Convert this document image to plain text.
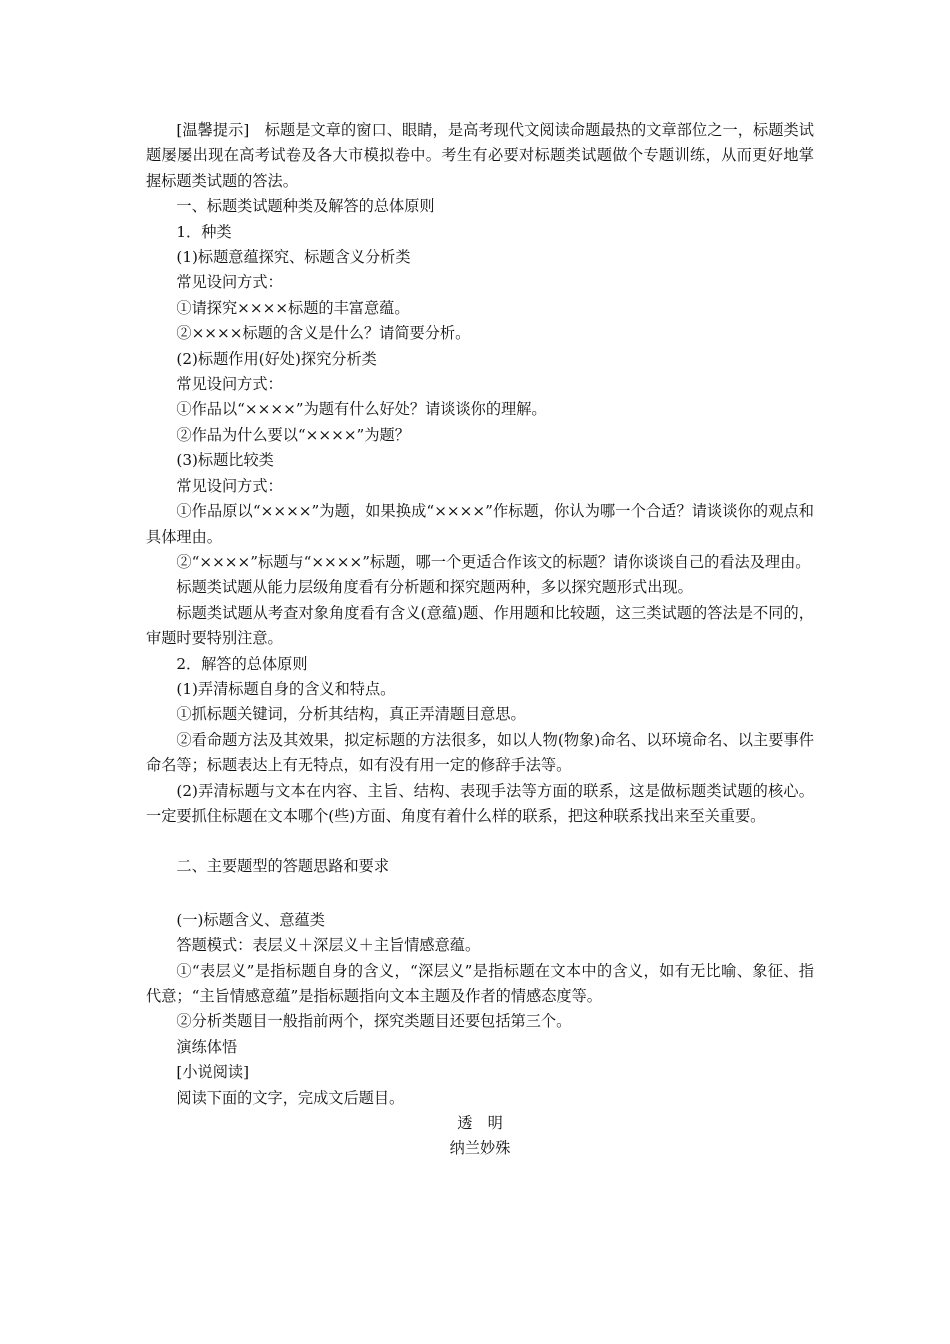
[温馨提示]　标题是文章的窗口、眼睛，是高考现代文阅读命题最热的文章部位之一，标题类试题屡屡出现在高考试卷及各大市模拟卷中。考生有必要对标题类试题做个专题训练，从而更好地掌握标题类试题的答法。

一、标题类试题种类及解答的总体原则

1．种类

(1)标题意蕴探究、标题含义分析类

常见设问方式：

①请探究××××标题的丰富意蕴。

②××××标题的含义是什么？请简要分析。

(2)标题作用(好处)探究分析类

常见设问方式：

①作品以“××××”为题有什么好处？请谈谈你的理解。

②作品为什么要以“××××”为题？

(3)标题比较类

常见设问方式：

①作品原以“××××”为题，如果换成“××××”作标题，你认为哪一个合适？请谈谈你的观点和具体理由。

②“××××”标题与“××××”标题，哪一个更适合作该文的标题？请你谈谈自己的看法及理由。

标题类试题从能力层级角度看有分析题和探究题两种，多以探究题形式出现。

标题类试题从考查对象角度看有含义(意蕴)题、作用题和比较题，这三类试题的答法是不同的，审题时要特别注意。

2．解答的总体原则

(1)弄清标题自身的含义和特点。

①抓标题关键词，分析其结构，真正弄清题目意思。

②看命题方法及其效果，拟定标题的方法很多，如以人物(物象)命名、以环境命名、以主要事件命名等；标题表达上有无特点，如有没有用一定的修辞手法等。

(2)弄清标题与文本在内容、主旨、结构、表现手法等方面的联系，这是做标题类试题的核心。一定要抓住标题在文本哪个(些)方面、角度有着什么样的联系，把这种联系找出来至关重要。

二、主要题型的答题思路和要求

(一)标题含义、意蕴类

答题模式：表层义＋深层义＋主旨情感意蕴。

①“表层义”是指标题自身的含义，“深层义”是指标题在文本中的含义，如有无比喻、象征、指代意；“主旨情感意蕴”是指标题指向文本主题及作者的情感态度等。

②分析类题目一般指前两个，探究类题目还要包括第三个。

演练体悟

[小说阅读]

阅读下面的文字，完成文后题目。

透　明

纳兰妙殊
